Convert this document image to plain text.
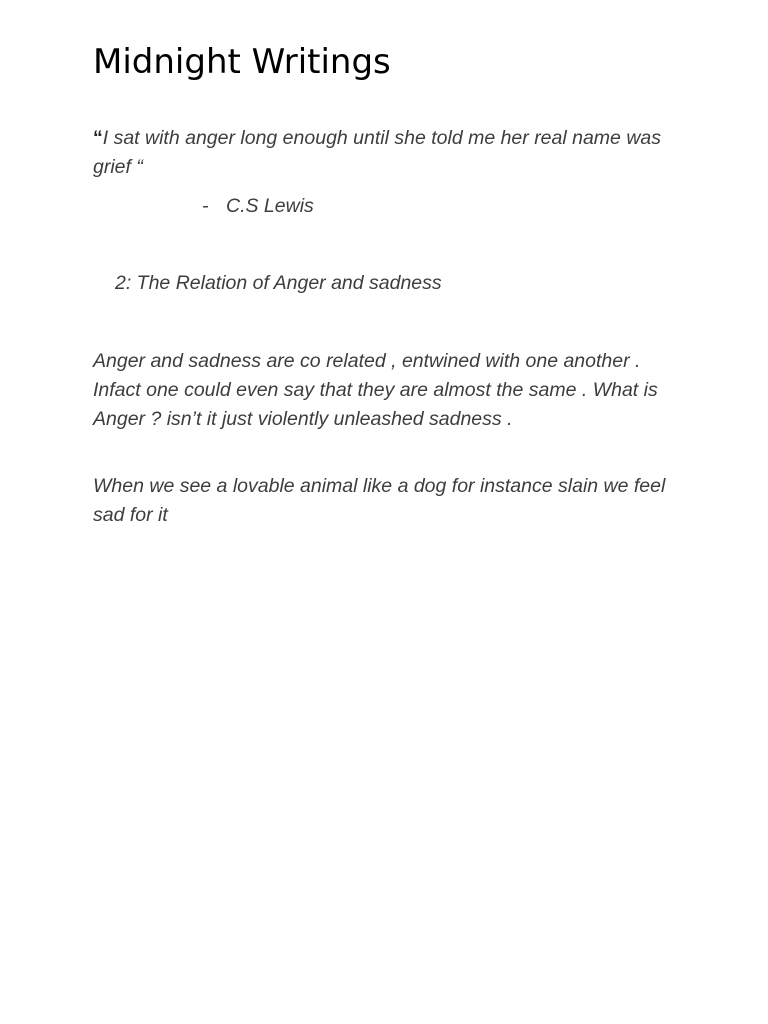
Midnight Writings

“I sat with anger long enough until she told me her real name was grief “

- C.S Lewis

2: The Relation of Anger and sadness

Anger and sadness are co related , entwined with one another . Infact one could even say that they are almost the same . What is Anger ? isn’t it just violently unleashed sadness .

When we see a lovable animal like a dog for instance slain we feel sad for it
